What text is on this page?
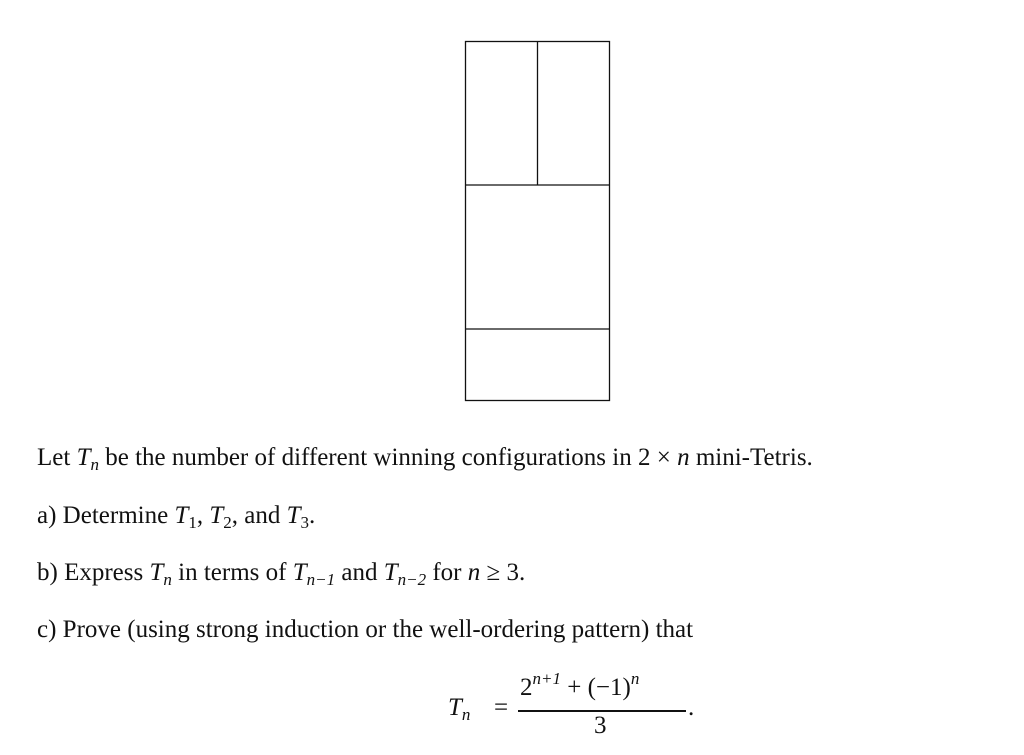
Let $T_n$ be the number of different winning configurations in 2 × n mini-Tetris.
a) Determine $T_1$, $T_2$, and $T_3$.
b) Express $T_n$ in terms of $T_{n-1}$ and $T_{n-2}$ for n ≥ 3.
c) Prove (using strong induction or the well-ordering pattern) that
$T_n$ =
$2^{n+1} + (-1)^n$
3
.
